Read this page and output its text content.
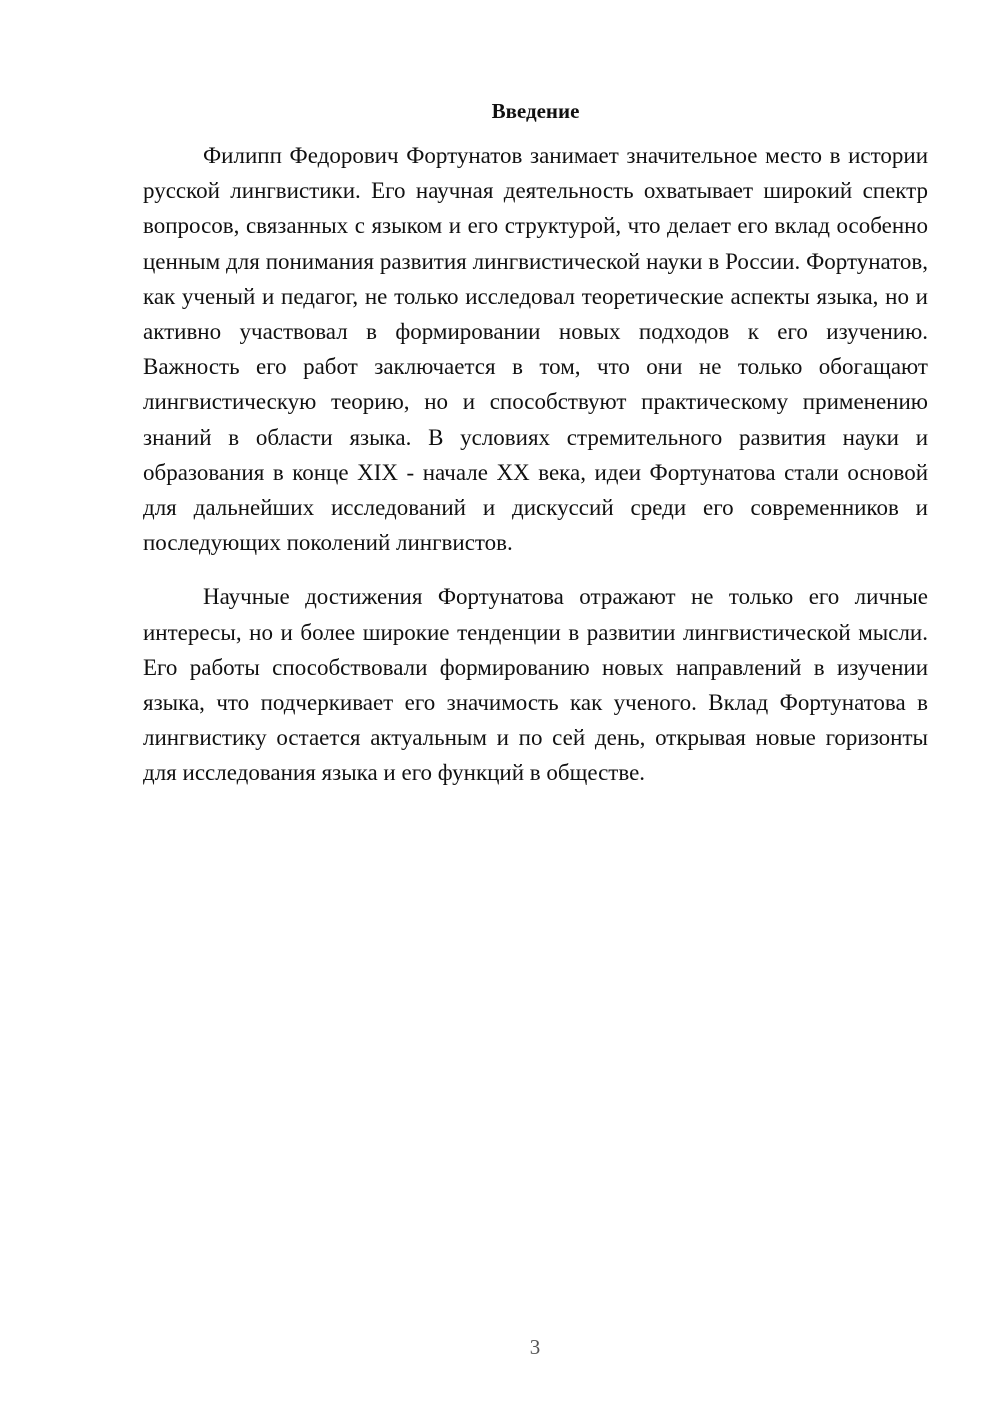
Введение

Филипп Федорович Фортунатов занимает значительное место в истории русской лингвистики. Его научная деятельность охватывает широкий спектр вопросов, связанных с языком и его структурой, что делает его вклад особенно ценным для понимания развития лингвистической науки в России. Фортунатов, как ученый и педагог, не только исследовал теоретические аспекты языка, но и активно участвовал в формировании новых подходов к его изучению. Важность его работ заключается в том, что они не только обогащают лингвистическую теорию, но и способствуют практическому применению знаний в области языка. В условиях стремительного развития науки и образования в конце XIX - начале XX века, идеи Фортунатова стали основой для дальнейших исследований и дискуссий среди его современников и последующих поколений лингвистов.

Научные достижения Фортунатова отражают не только его личные интересы, но и более широкие тенденции в развитии лингвистической мысли. Его работы способствовали формированию новых направлений в изучении языка, что подчеркивает его значимость как ученого. Вклад Фортунатова в лингвистику остается актуальным и по сей день, открывая новые горизонты для исследования языка и его функций в обществе.

3
